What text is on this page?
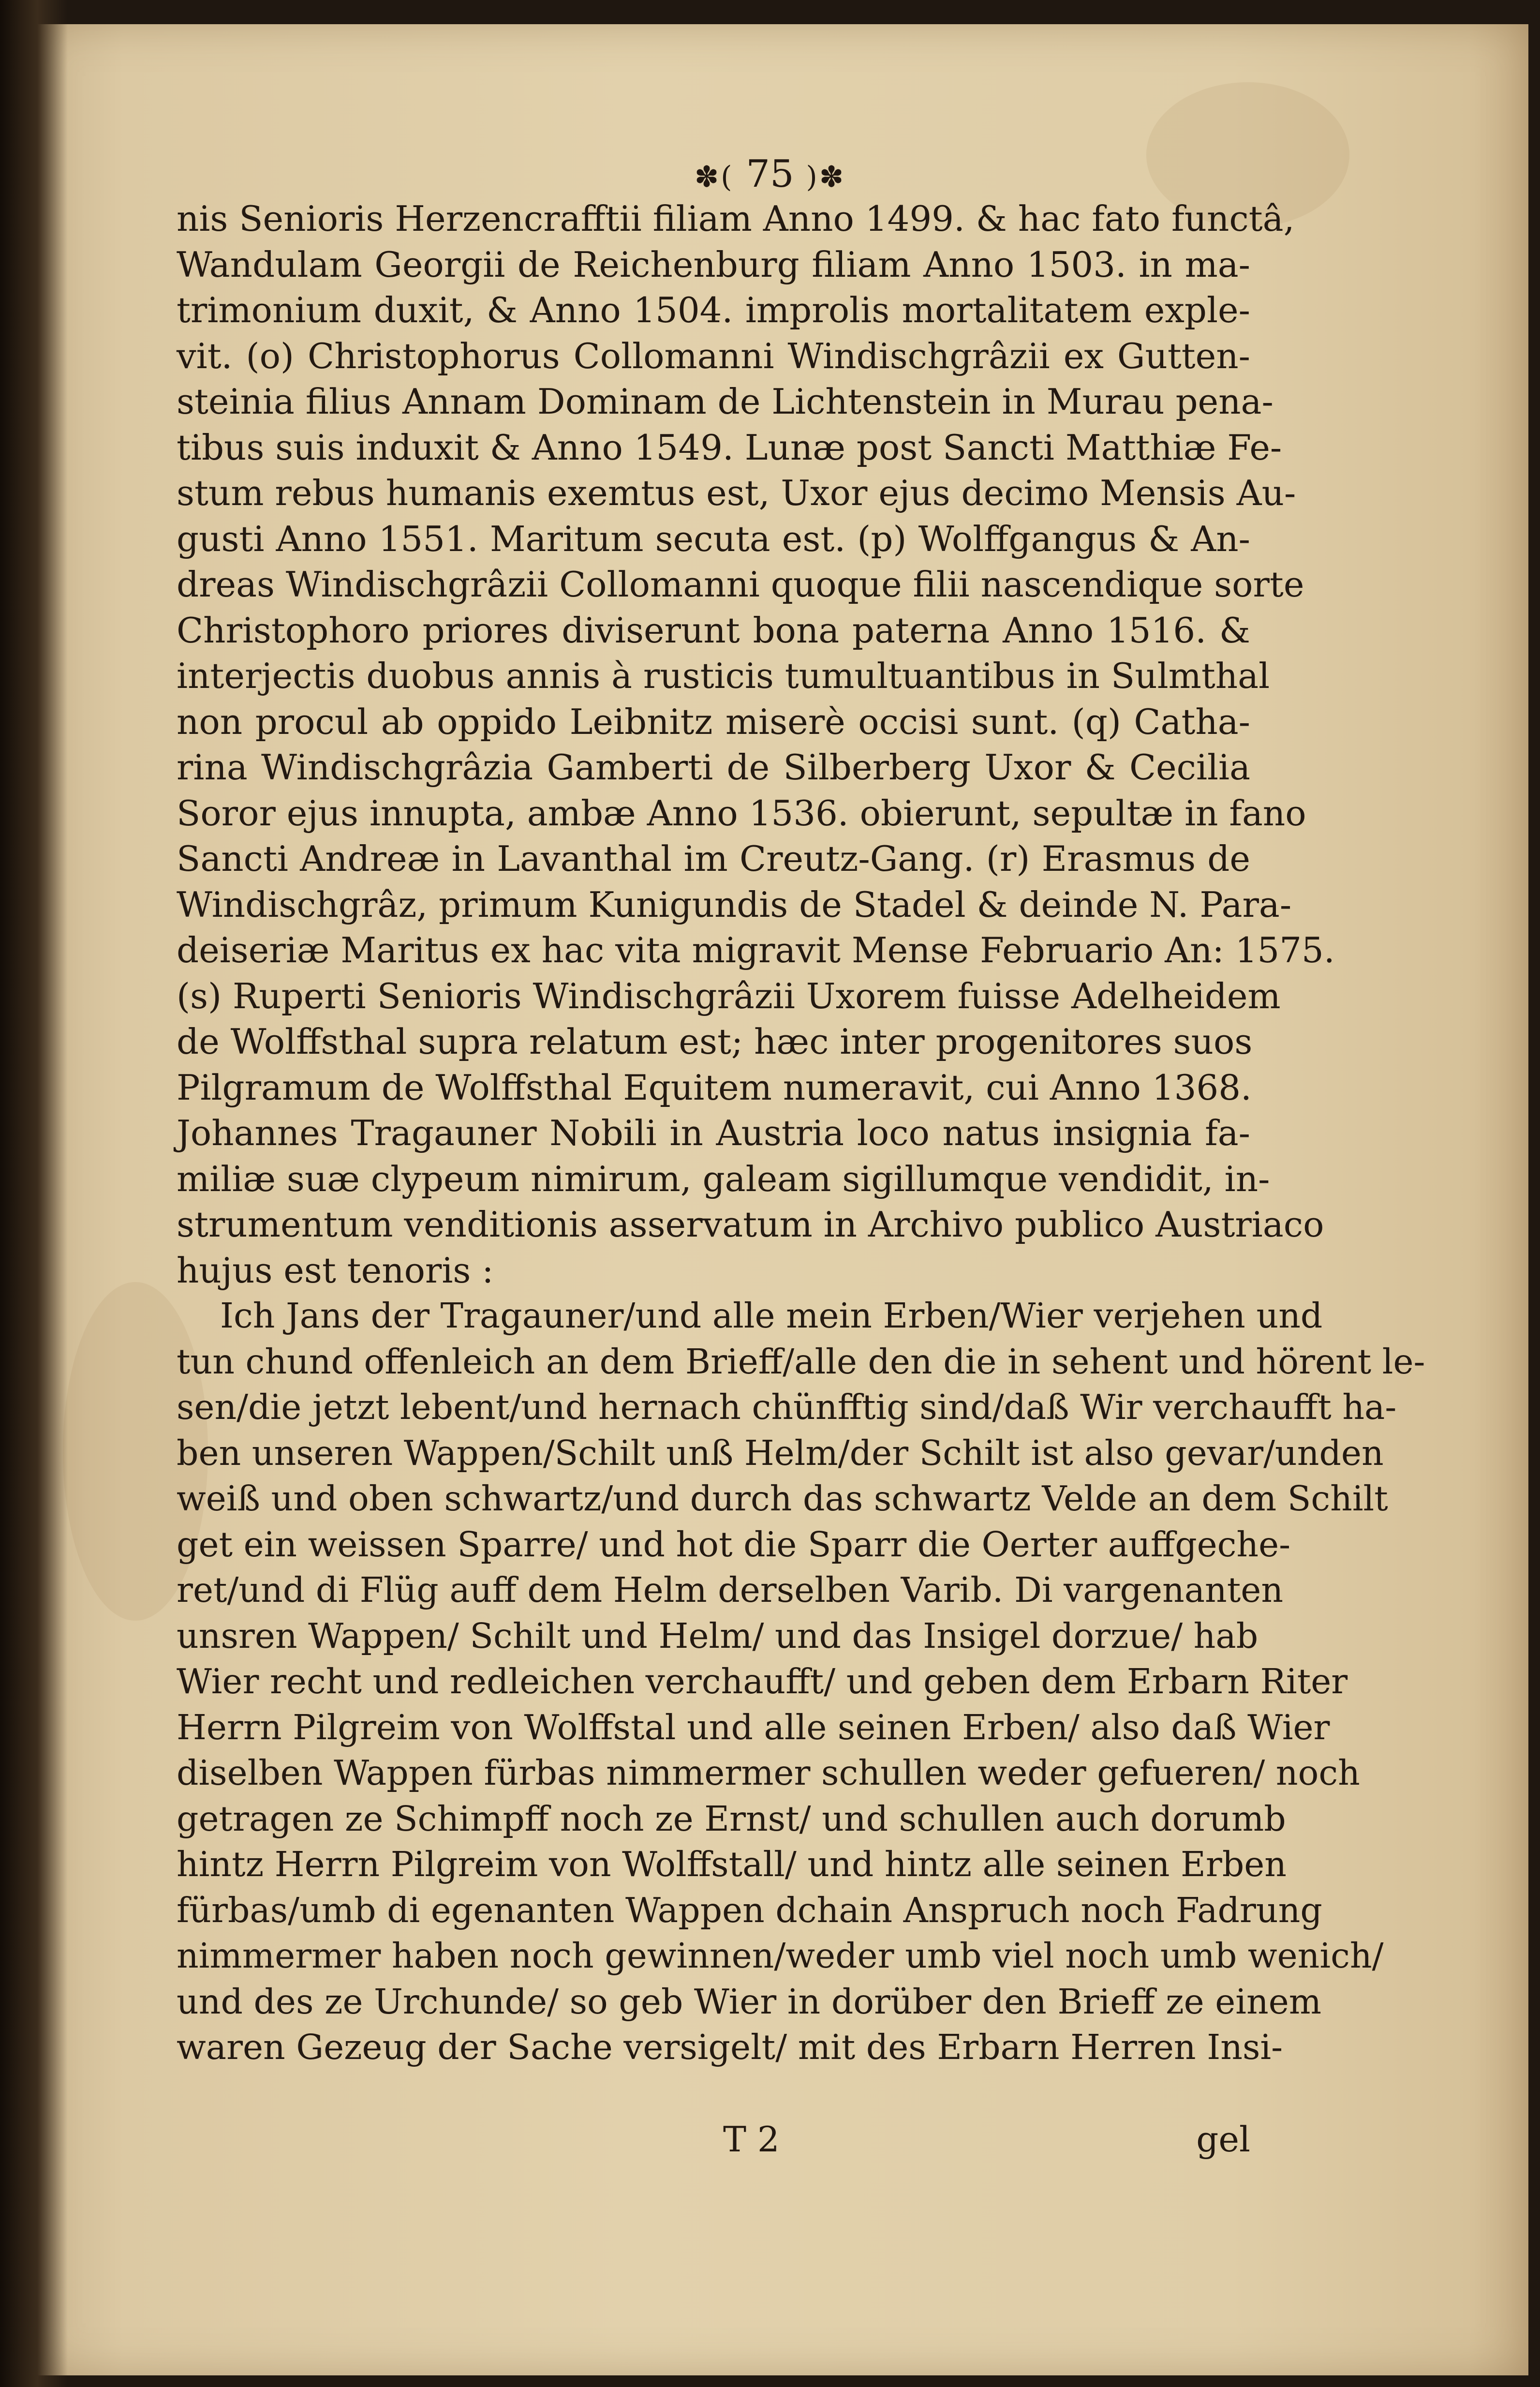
✽( 75 )✽
nis Senioris Herzencrafftii filiam Anno 1499. & hac fato functâ,
Wandulam Georgii de Reichenburg filiam Anno 1503. in ma-
trimonium duxit, & Anno 1504. improlis mortalitatem exple-
vit. (o) Christophorus Collomanni Windischgrâzii ex Gutten-
steinia filius Annam Dominam de Lichtenstein in Murau pena-
tibus suis induxit & Anno 1549. Lunæ post Sancti Matthiæ Fe-
stum rebus humanis exemtus est, Uxor ejus decimo Mensis Au-
gusti Anno 1551. Maritum secuta est. (p) Wolffgangus & An-
dreas Windischgrâzii Collomanni quoque filii nascendique sorte
Christophoro priores diviserunt bona paterna Anno 1516. &
interjectis duobus annis à rusticis tumultuantibus in Sulmthal
non procul ab oppido Leibnitz miserè occisi sunt. (q) Catha-
rina Windischgrâzia Gamberti de Silberberg Uxor & Cecilia
Soror ejus innupta, ambæ Anno 1536. obierunt, sepultæ in fano
Sancti Andreæ in Lavanthal im Creutz-Gang. (r) Erasmus de
Windischgrâz, primum Kunigundis de Stadel & deinde N. Para-
deiseriæ Maritus ex hac vita migravit Mense Februario An: 1575.
(s) Ruperti Senioris Windischgrâzii Uxorem fuisse Adelheidem
de Wolffsthal supra relatum est; hæc inter progenitores suos
Pilgramum de Wolffsthal Equitem numeravit, cui Anno 1368.
Johannes Tragauner Nobili in Austria loco natus insignia fa-
miliæ suæ clypeum nimirum, galeam sigillumque vendidit, in-
strumentum venditionis asservatum in Archivo publico Austriaco
hujus est tenoris :
Ich Jans der Tragauner/und alle mein Erben/Wier verjehen und
tun chund offenleich an dem Brieff/alle den die in sehent und hörent le-
sen/die jetzt lebent/und hernach chünfftig sind/daß Wir verchaufft ha-
ben unseren Wappen/Schilt unß Helm/der Schilt ist also gevar/unden
weiß und oben schwartz/und durch das schwartz Velde an dem Schilt
get ein weissen Sparre/ und hot die Sparr die Oerter auffgeche-
ret/und di Flüg auff dem Helm derselben Varib. Di vargenanten
unsren Wappen/ Schilt und Helm/ und das Insigel dorzue/ hab
Wier recht und redleichen verchaufft/ und geben dem Erbarn Riter
Herrn Pilgreim von Wolffstal und alle seinen Erben/ also daß Wier
diselben Wappen fürbas nimmermer schullen weder gefueren/ noch
getragen ze Schimpff noch ze Ernst/ und schullen auch dorumb
hintz Herrn Pilgreim von Wolffstall/ und hintz alle seinen Erben
fürbas/umb di egenanten Wappen dchain Anspruch noch Fadrung
nimmermer haben noch gewinnen/weder umb viel noch umb wenich/
und des ze Urchunde/ so geb Wier in dorüber den Brieff ze einem
waren Gezeug der Sache versigelt/ mit des Erbarn Herren Insi-
T 2	gel
